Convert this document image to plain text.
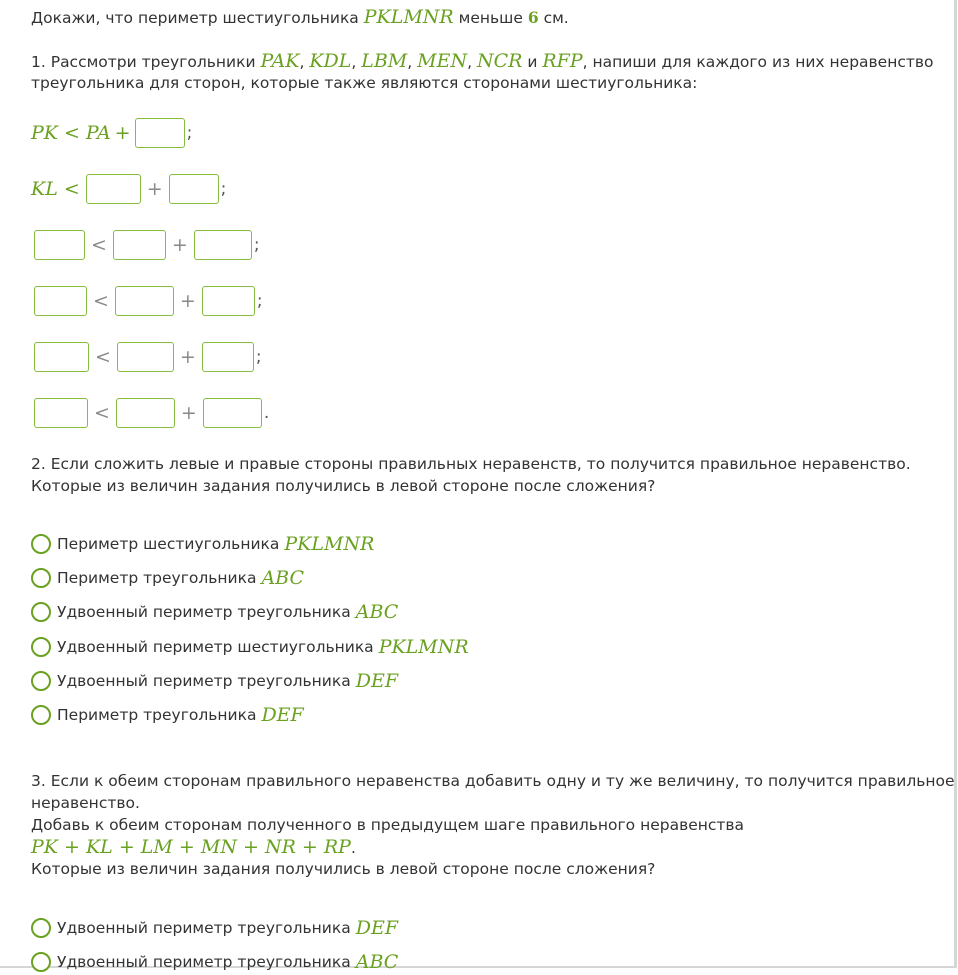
Докажи, что периметр шестиугольника PKLMNR меньше 6 см.
1. Рассмотри треугольники PAK, KDL, LBM, MEN, NCR и RFP, напиши для каждого из них неравенство
треугольника для сторон, которые также являются сторонами шестиугольника:
PK < PA +	;
KL <	+	;
<	+	;
<	+	;
<	+	;
<	+	.
2. Если сложить левые и правые стороны правильных неравенств, то получится правильное неравенство.
Которые из величин задания получились в левой стороне после сложения?
Периметр шестиугольника PKLMNR
Периметр треугольника ABC
Удвоенный периметр треугольника ABC
Удвоенный периметр шестиугольника PKLMNR
Удвоенный периметр треугольника DEF
Периметр треугольника DEF
3. Если к обеим сторонам правильного неравенства добавить одну и ту же величину, то получится правильное
неравенство.
Добавь к обеим сторонам полученного в предыдущем шаге правильного неравенства
PK + KL + LM + MN + NR + RP.
Которые из величин задания получились в левой стороне после сложения?
Удвоенный периметр треугольника DEF
Удвоенный периметр треугольника ABC
